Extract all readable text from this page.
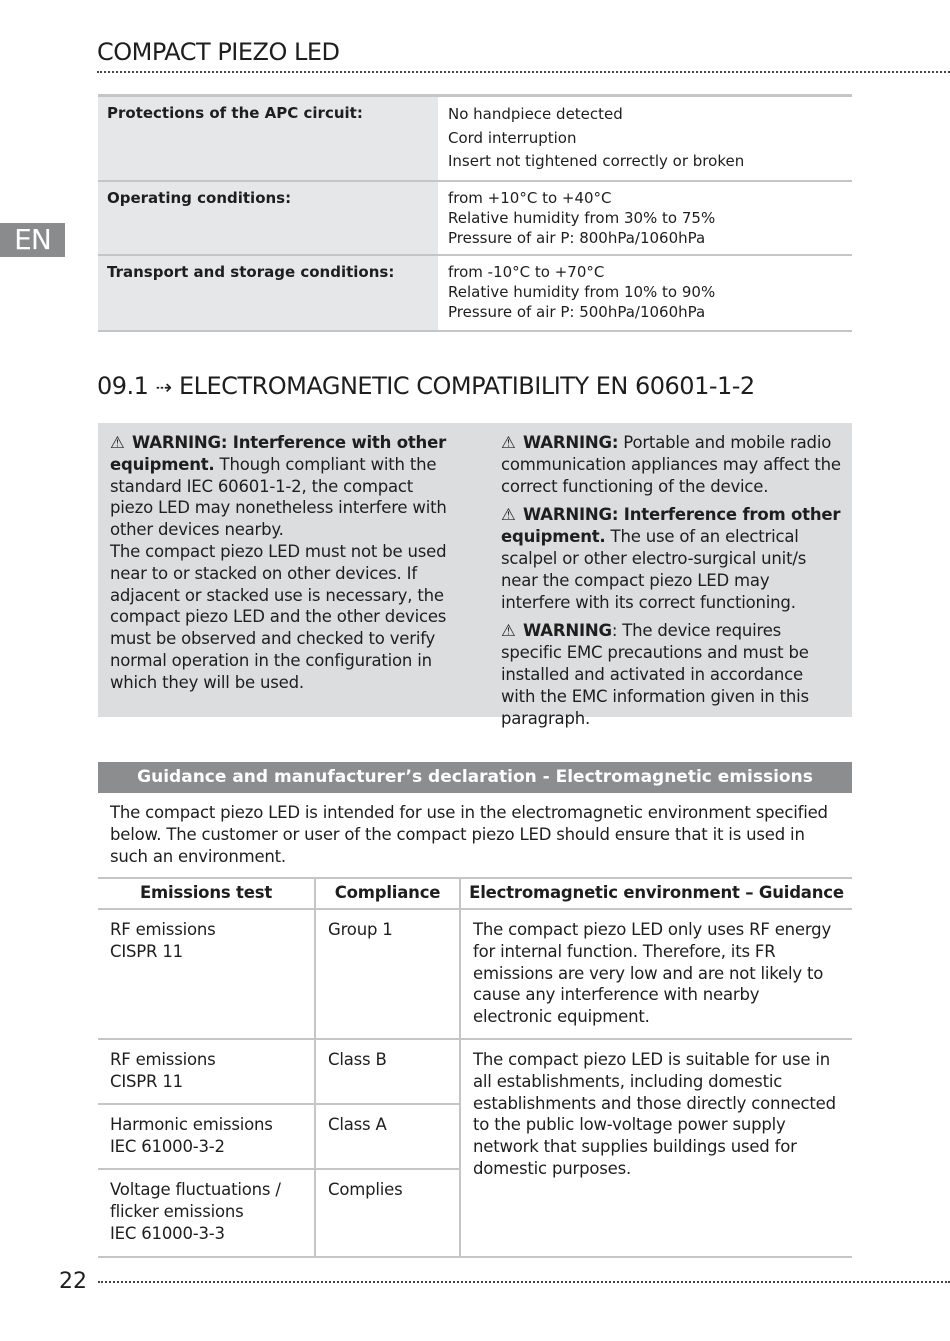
COMPACT PIEZO LED
EN
Protections of the APC circuit:	No handpiece detected
Cord interruption
Insert not tightened correctly or broken

Operating conditions:	from +10°C to +40°C
Relative humidity from 30% to 75%
Pressure of air P: 800hPa/1060hPa

Transport and storage conditions:	from -10°C to +70°C
Relative humidity from 10% to 90%
Pressure of air P: 500hPa/1060hPa
09.1 ⇢ ELECTROMAGNETIC COMPATIBILITY EN 60601-1-2

⚠ WARNING: Interference with other equipment. Though compliant with the standard IEC 60601-1-2, the compact piezo LED may nonetheless interfere with other devices nearby.

The compact piezo LED must not be used near to or stacked on other devices. If adjacent or stacked use is necessary, the compact piezo LED and the other devices must be observed and checked to verify normal operation in the configuration in which they will be used.

⚠ WARNING: Portable and mobile radio communication appliances may affect the correct functioning of the device.

⚠ WARNING: Interference from other equipment. The use of an electrical scalpel or other electro-surgical unit/s near the compact piezo LED may interfere with its correct functioning.

⚠ WARNING: The device requires specific EMC precautions and must be installed and activated in accordance with the EMC information given in this paragraph.

Guidance and manufacturer’s declaration - Electromagnetic emissions
The compact piezo LED is intended for use in the electromagnetic environment specified below. The customer or user of the compact piezo LED should ensure that it is used in such an environment.
Emissions test	Compliance	Electromagnetic environment – Guidance

RF emissions
CISPR 11	Group 1	The compact piezo LED only uses RF energy for internal function. Therefore, its FR emissions are very low and are not likely to cause any interference with nearby electronic equipment.

RF emissions
CISPR 11	Class B	The compact piezo LED is suitable for use in all establishments, including domestic establishments and those directly connected to the public low-voltage power supply network that supplies buildings used for domestic purposes.

Harmonic emissions
IEC 61000-3-2	Class A	

Voltage fluctuations /
flicker emissions
IEC 61000-3-3	Complies	
22
